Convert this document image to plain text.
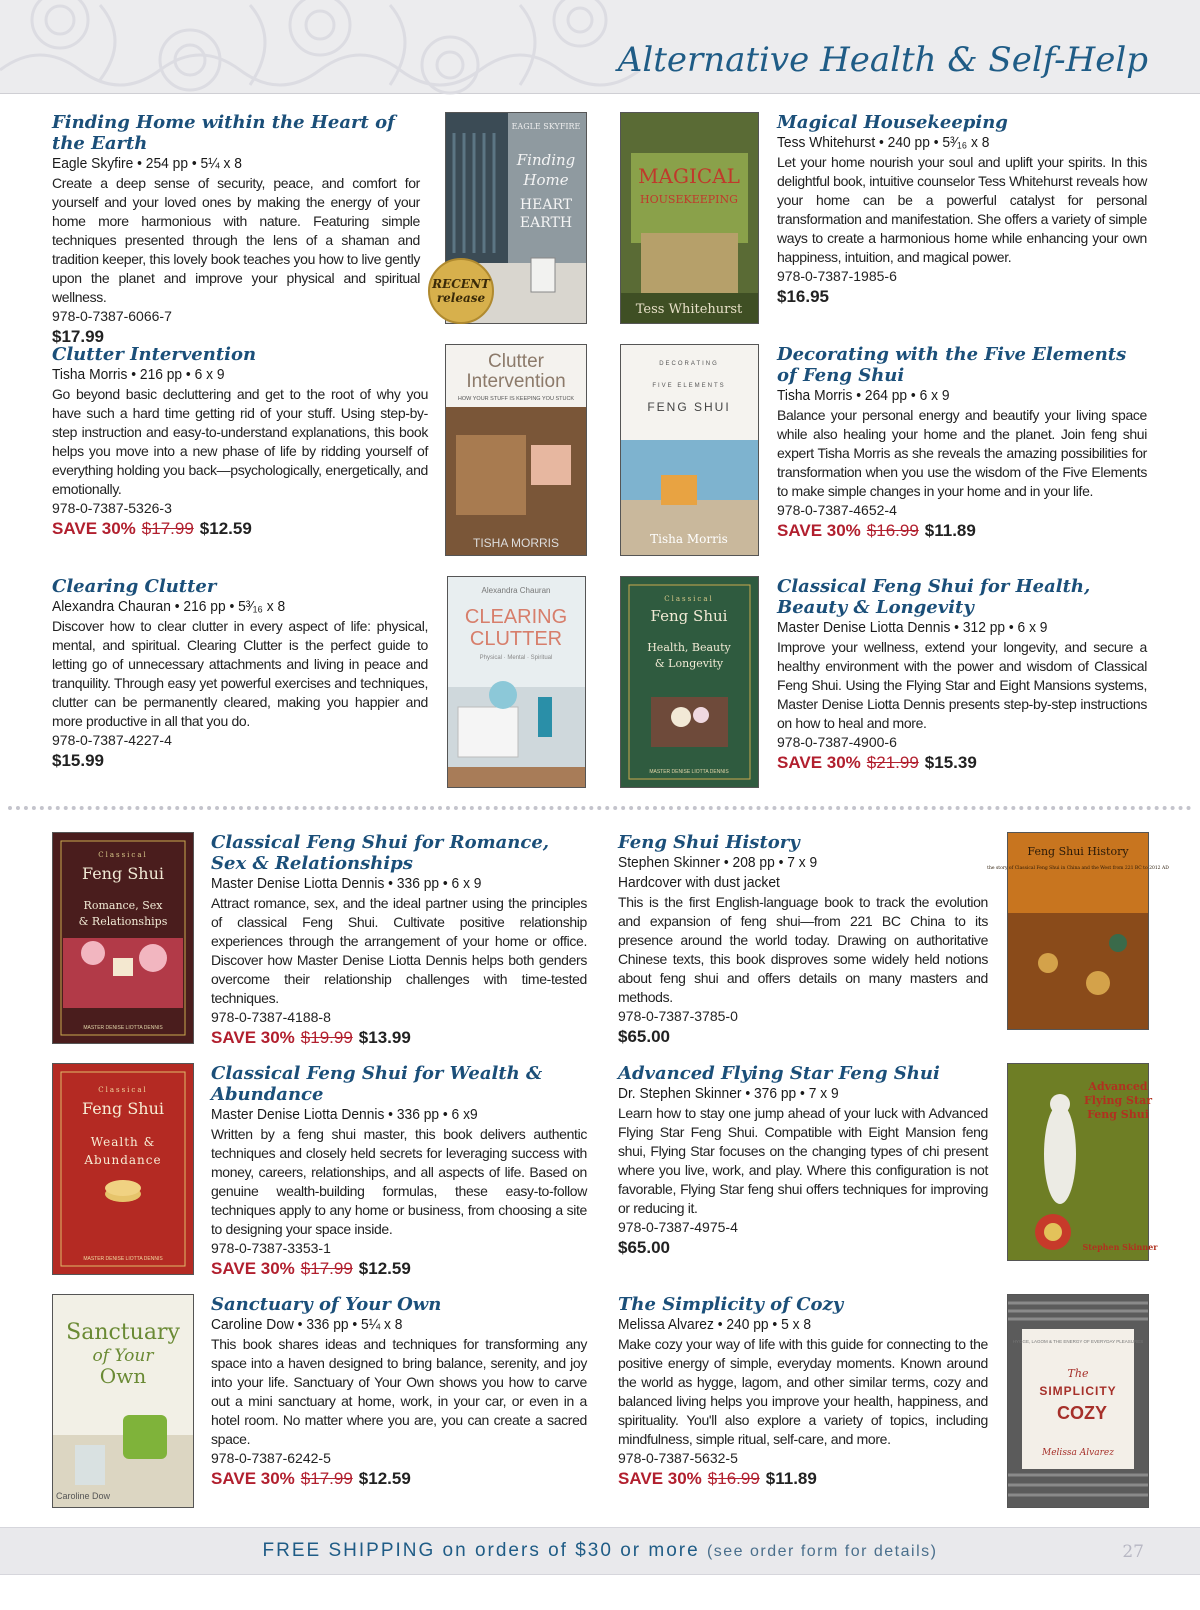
Alternative Health & Self-Help
Finding Home within the Heart of the Earth
Eagle Skyfire • 254 pp • 5¼ x 8
Create a deep sense of security, peace, and comfort for yourself and your loved ones by making the energy of your home more harmonious with nature. Featuring simple techniques presented through the lens of a shaman and tradition keeper, this lovely book teaches you how to live gently upon the planet and improve your physical and spiritual wellness.
978-0-7387-6066-7
$17.99
EAGLE SKYFIRE
Finding
Home
HEART
EARTH
RECENT
release
MAGICAL
HOUSEKEEPING
Tess Whitehurst
Magical Housekeeping
Tess Whitehurst • 240 pp • 5³⁄₁₆ x 8
Let your home nourish your soul and uplift your spirits. In this delightful book, intuitive counselor Tess Whitehurst reveals how your home can be a powerful catalyst for personal transformation and manifestation. She offers a variety of simple ways to create a harmonious home while enhancing your own happiness, intuition, and magical power.
978-0-7387-1985-6
$16.95
Clutter Intervention
Tisha Morris • 216 pp • 6 x 9
Go beyond basic decluttering and get to the root of why you have such a hard time getting rid of your stuff. Using step-by-step instruction and easy-to-understand explanations, this book helps you move into a new phase of life by ridding yourself of everything holding you back—psychologically, energetically, and emotionally.
978-0-7387-5326-3
SAVE 30% $17.99 $12.59
Clutter
Intervention
HOW YOUR STUFF IS KEEPING YOU STUCK
TISHA MORRIS
DECORATING
FIVE ELEMENTS
FENG SHUI
Tisha Morris
Decorating with the Five Elements of Feng Shui
Tisha Morris • 264 pp • 6 x 9
Balance your personal energy and beautify your living space while also healing your home and the planet. Join feng shui expert Tisha Morris as she reveals the amazing possibilities for transformation when you use the wisdom of the Five Elements to make simple changes in your home and in your life.
978-0-7387-4652-4
SAVE 30% $16.99 $11.89
Clearing Clutter
Alexandra Chauran • 216 pp • 5³⁄₁₆ x 8
Discover how to clear clutter in every aspect of life: physical, mental, and spiritual. Clearing Clutter is the perfect guide to letting go of unnecessary attachments and living in peace and tranquility. Through easy yet powerful exercises and techniques, clutter can be permanently cleared, making you happier and more productive in all that you do.
978-0-7387-4227-4
$15.99
Alexandra Chauran
CLEARING
CLUTTER
Physical · Mental · Spiritual
Classical
Feng Shui
Health, Beauty
& Longevity
MASTER DENISE LIOTTA DENNIS
Classical Feng Shui for Health, Beauty & Longevity
Master Denise Liotta Dennis • 312 pp • 6 x 9
Improve your wellness, extend your longevity, and secure a healthy environment with the power and wisdom of Classical Feng Shui. Using the Flying Star and Eight Mansions systems, Master Denise Liotta Dennis presents step-by-step instructions on how to heal and more.
978-0-7387-4900-6
SAVE 30% $21.99 $15.39
Classical
Feng Shui
Romance, Sex
& Relationships
MASTER DENISE LIOTTA DENNIS
Classical Feng Shui for Romance, Sex & Relationships
Master Denise Liotta Dennis • 336 pp • 6 x 9
Attract romance, sex, and the ideal partner using the principles of classical Feng Shui. Cultivate positive relationship experiences through the arrangement of your home or office. Discover how Master Denise Liotta Dennis helps both genders overcome their relationship challenges with time-tested techniques.
978-0-7387-4188-8
SAVE 30% $19.99 $13.99
Feng Shui History
Stephen Skinner • 208 pp • 7 x 9
Hardcover with dust jacket
This is the first English-language book to track the evolution and expansion of feng shui—from 221 BC China to its presence around the world today. Drawing on authoritative Chinese texts, this book disproves some widely held notions about feng shui and offers details on many masters and methods.
978-0-7387-3785-0
$65.00
Feng Shui History
the story of Classical Feng Shui in China and the West from 221 BC to 2012 AD
Classical
Feng Shui
Wealth &
Abundance
MASTER DENISE LIOTTA DENNIS
Classical Feng Shui for Wealth & Abundance
Master Denise Liotta Dennis • 336 pp • 6 x9
Written by a feng shui master, this book delivers authentic techniques and closely held secrets for leveraging success with money, careers, relationships, and all aspects of life. Based on genuine wealth-building formulas, these easy-to-follow techniques apply to any home or business, from choosing a site to designing your space inside.
978-0-7387-3353-1
SAVE 30% $17.99 $12.59
Advanced Flying Star Feng Shui
Dr. Stephen Skinner • 376 pp • 7 x 9
Learn how to stay one jump ahead of your luck with Advanced Flying Star Feng Shui. Compatible with Eight Mansion feng shui, Flying Star focuses on the changing types of chi present where you live, work, and play. Where this configuration is not favorable, Flying Star feng shui offers techniques for improving or reducing it.
978-0-7387-4975-4
$65.00
Advanced
Flying Star
Feng Shui
Stephen Skinner
Sanctuary
of Your
Own
Caroline Dow
Sanctuary of Your Own
Caroline Dow • 336 pp • 5¼ x 8
This book shares ideas and techniques for transforming any space into a haven designed to bring balance, serenity, and joy into your life. Sanctuary of Your Own shows you how to carve out a mini sanctuary at home, work, in your car, or even in a hotel room. No matter where you are, you can create a sacred space.
978-0-7387-6242-5
SAVE 30% $17.99 $12.59
The Simplicity of Cozy
Melissa Alvarez • 240 pp • 5 x 8
Make cozy your way of life with this guide for connecting to the positive energy of simple, everyday moments. Known around the world as hygge, lagom, and other similar terms, cozy and balanced living helps you improve your health, happiness, and spirituality. You'll also explore a variety of topics, including mindfulness, simple ritual, self-care, and more.
978-0-7387-5632-5
SAVE 30% $16.99 $11.89
HYGGE, LAGOM & THE ENERGY OF EVERYDAY PLEASURES
The
SIMPLICITY
COZY
Melissa Alvarez
FREE SHIPPING on orders of $30 or more (see order form for details)	27
